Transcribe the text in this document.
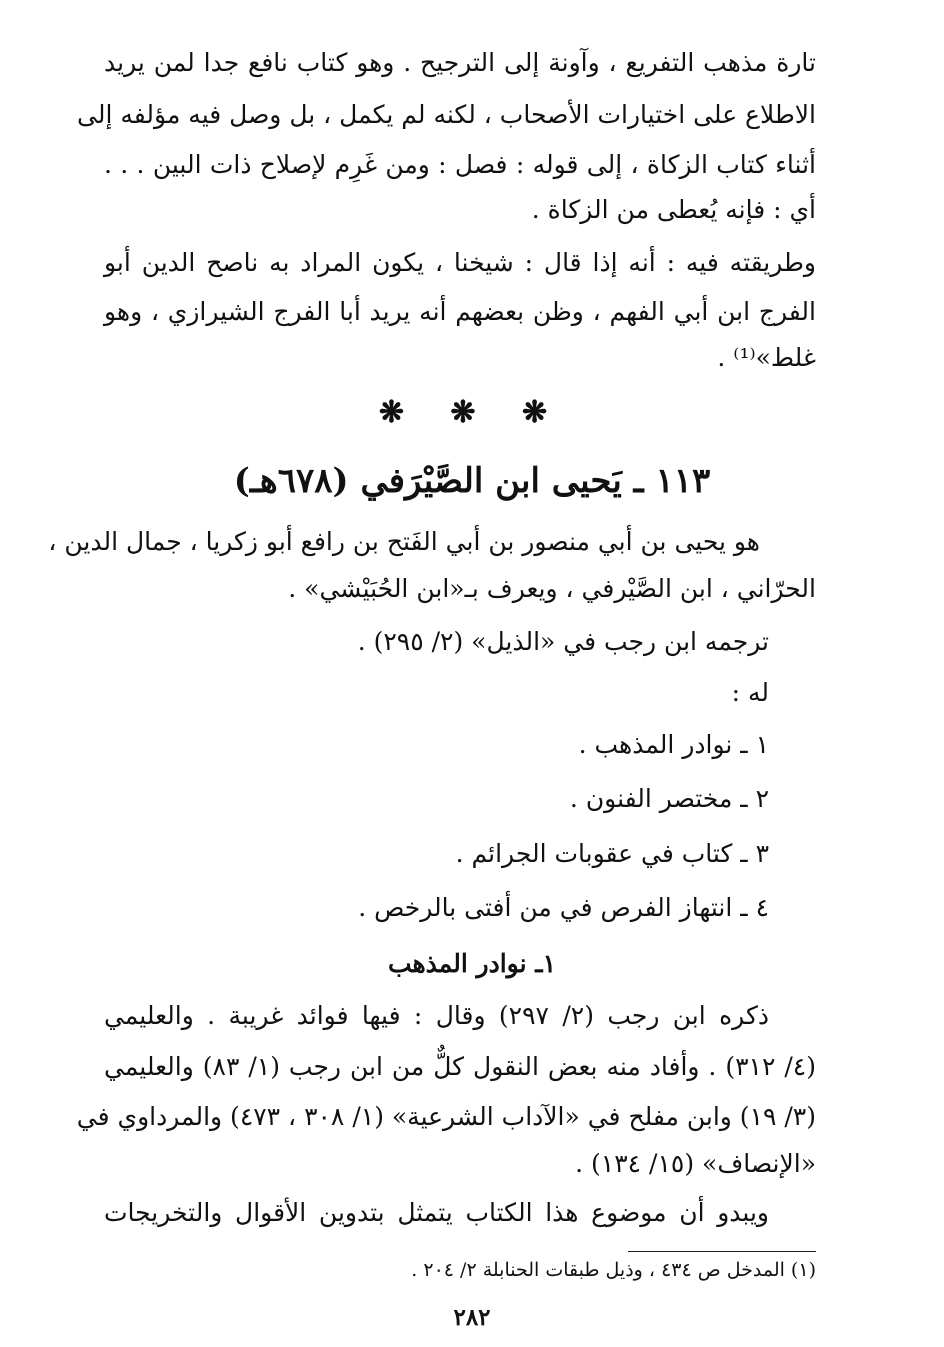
تارة مذهب التفريع ، وآونة إلى الترجيح . وهو كتاب نافع جدا لمن يريد
الاطلاع على اختيارات الأصحاب ، لكنه لم يكمل ، بل وصل فيه مؤلفه إلى
أثناء كتاب الزكاة ، إلى قوله : فصل : ومن غَرِم لإصلاح ذات البين . . .
أي : فإنه يُعطى من الزكاة .
وطريقته فيه : أنه إذا قال : شيخنا ، يكون المراد به ناصح الدين أبو
الفرج ابن أبي الفهم ، وظن بعضهم أنه يريد أبا الفرج الشيرازي ، وهو
غلط»⁽¹⁾ .
❋ ❋ ❋
١١٣ ـ يَحيى ابن الصَّيْرَفي (٦٧٨هـ)
هو يحيى بن أبي منصور بن أبي الفَتح بن رافع أبو زكريا ، جمال الدين ،
الحرّاني ، ابن الصَّيْرفي ، ويعرف بـ«ابن الحُبَيْشي» .
ترجمه ابن رجب في «الذيل» (٢/ ٢٩٥) .
له :
١ ـ نوادر المذهب .
٢ ـ مختصر الفنون .
٣ ـ كتاب في عقوبات الجرائم .
٤ ـ انتهاز الفرص في من أفتى بالرخص .
١ـ نوادر المذهب
ذكره ابن رجب (٢/ ٢٩٧) وقال : فيها فوائد غريبة . والعليمي
(٤/ ٣١٢) . وأفاد منه بعض النقول كلٌّ من ابن رجب (١/ ٨٣) والعليمي
(٣/ ١٩) وابن مفلح في «الآداب الشرعية» (١/ ٣٠٨ ، ٤٧٣) والمرداوي في
«الإنصاف» (١٥/ ١٣٤) .
ويبدو أن موضوع هذا الكتاب يتمثل بتدوين الأقوال والتخريجات
(١) المدخل ص ٤٣٤ ، وذيل طبقات الحنابلة ٢/ ٢٠٤ .
٢٨٢
